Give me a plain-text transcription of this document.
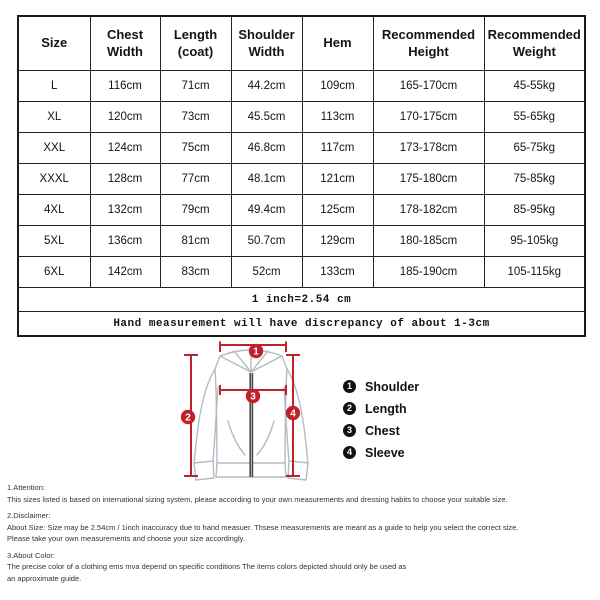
Size	Chest Width	Length (coat)	Shoulder Width	Hem	Recommended Height	Recommended Weight
L	116cm	71cm	44.2cm	109cm	165-170cm	45-55kg
XL	120cm	73cm	45.5cm	113cm	170-175cm	55-65kg
XXL	124cm	75cm	46.8cm	117cm	173-178cm	65-75kg
XXXL	128cm	77cm	48.1cm	121cm	175-180cm	75-85kg
4XL	132cm	79cm	49.4cm	125cm	178-182cm	85-95kg
5XL	136cm	81cm	50.7cm	129cm	180-185cm	95-105kg
6XL	142cm	83cm	52cm	133cm	185-190cm	105-115kg
1 inch=2.54 cm						
Hand measurement will have discrepancy of about 1-3cm						
1
2
3
4
1	Shoulder
2	Length
3	Chest
4	Sleeve

1.Attention:

This sizes listed is based on international sizing system, please according to your own measurements and dressing habits to choose your suitable size.

2.Disclaimer:

About Size: Size may be 2.54cm / 1inch inaccuracy due to hand measuer. Thsese measurements are meant as a guide to help you select the correct size.

Please take your own measurements and choose your size accordingly.

3.About Color:

The precise color of a clothing ems mva depend on specific conditions The items colors depicted should only be used as

an approximate guide.
